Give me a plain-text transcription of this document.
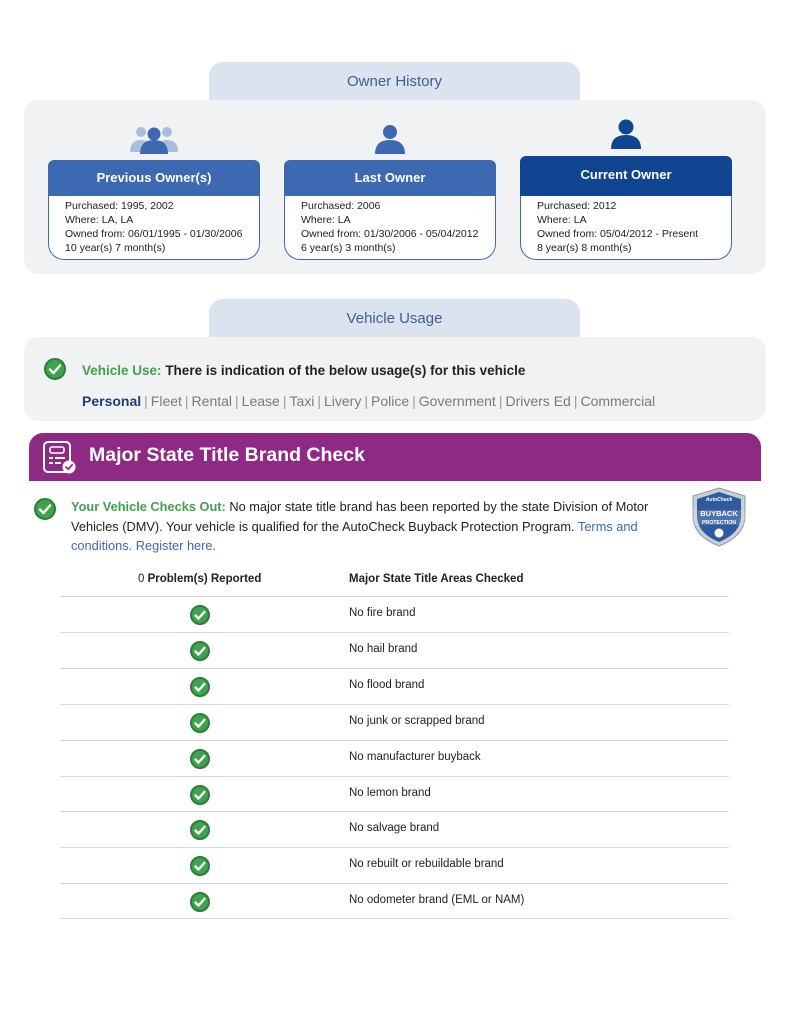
Owner History
Previous Owner(s)
Purchased: 1995, 2002
Where: LA, LA
Owned from: 06/01/1995 - 01/30/2006
10 year(s) 7 month(s)
Last Owner
Purchased: 2006
Where: LA
Owned from: 01/30/2006 - 05/04/2012
6 year(s) 3 month(s)
Current Owner
Purchased: 2012
Where: LA
Owned from: 05/04/2012 - Present
8 year(s) 8 month(s)
Vehicle Usage
Vehicle Use: There is indication of the below usage(s) for this vehicle
Personal | Fleet | Rental | Lease | Taxi | Livery | Police | Government | Drivers Ed | Commercial
Major State Title Brand Check
Your Vehicle Checks Out: No major state title brand has been reported by the state Division of Motor Vehicles (DMV). Your vehicle is qualified for the AutoCheck Buyback Protection Program. Terms and conditions. Register here.
AutoCheck
BUYBACK
PROTECTION
0 Problem(s) Reported	Major State Title Areas Checked
No fire brand
No hail brand
No flood brand
No junk or scrapped brand
No manufacturer buyback
No lemon brand
No salvage brand
No rebuilt or rebuildable brand
No odometer brand (EML or NAM)
